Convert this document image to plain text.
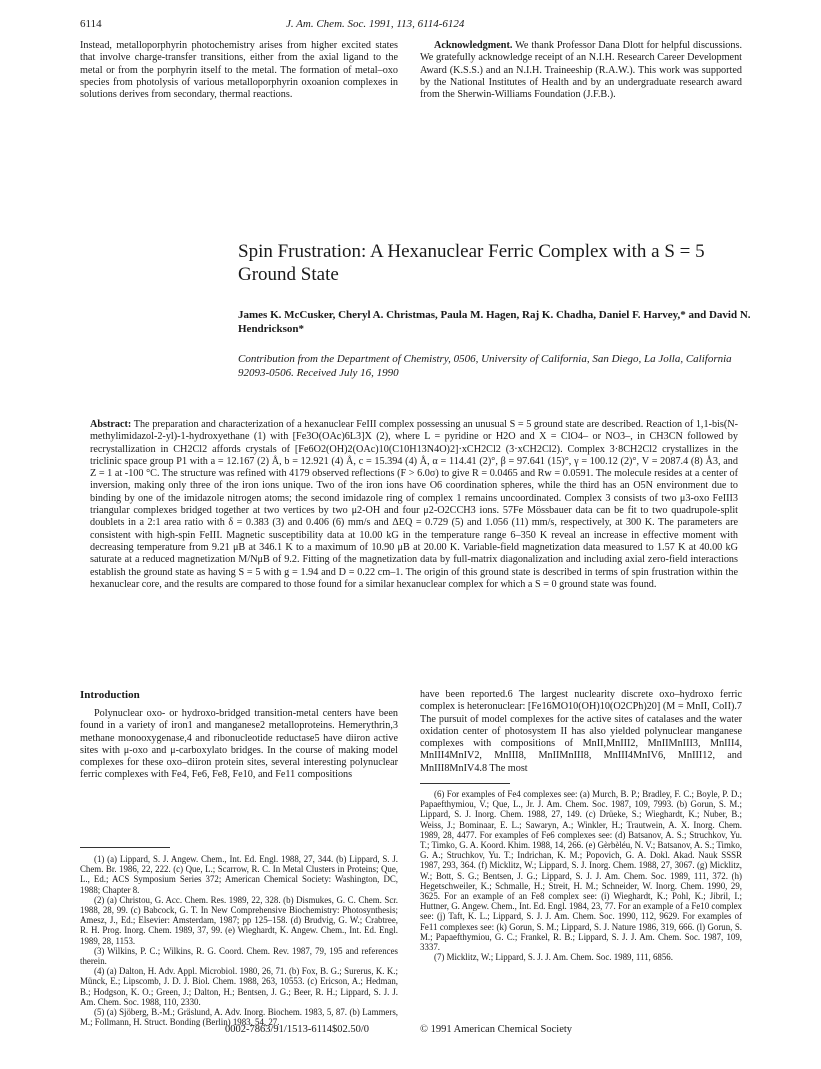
6114	J. Am. Chem. Soc. 1991, 113, 6114-6124

Instead, metalloporphyrin photochemistry arises from higher excited states that involve charge-transfer transitions, either from the axial ligand to the metal or from the porphyrin itself to the metal. The formation of metal–oxo species from photolysis of various metalloporphyrin oxoanion complexes in solutions derives from secondary, thermal reactions.

Acknowledgment. We thank Professor Dana Dlott for helpful discussions. We gratefully acknowledge receipt of an N.I.H. Research Career Development Award (K.S.S.) and an N.I.H. Traineeship (R.A.W.). This work was supported by the National Institutes of Health and by an undergraduate research award from the Sherwin-Williams Foundation (J.F.B.).

Spin Frustration: A Hexanuclear Ferric Complex with a S = 5 Ground State
James K. McCusker, Cheryl A. Christmas, Paula M. Hagen, Raj K. Chadha, Daniel F. Harvey,* and David N. Hendrickson*
Contribution from the Department of Chemistry, 0506, University of California, San Diego, La Jolla, California 92093-0506. Received July 16, 1990
Abstract: The preparation and characterization of a hexanuclear FeIII complex possessing an unusual S = 5 ground state are described. Reaction of 1,1-bis(N-methylimidazol-2-yl)-1-hydroxyethane (1) with [Fe3O(OAc)6L3]X (2), where L = pyridine or H2O and X = ClO4– or NO3–, in CH3CN followed by recrystallization in CH2Cl2 affords crystals of [Fe6O2(OH)2(OAc)10(C10H13N4O)2]·xCH2Cl2 (3·xCH2Cl2). Complex 3·8CH2Cl2 crystallizes in the triclinic space group P1 with a = 12.167 (2) Å, b = 12.921 (4) Å, c = 15.394 (4) Å, α = 114.41 (2)°, β = 97.641 (15)°, γ = 100.12 (2)°, V = 2087.4 (8) Å3, and Z = 1 at -100 °C. The structure was refined with 4179 observed reflections (F > 6.0σ) to give R = 0.0465 and Rw = 0.0591. The molecule resides at a center of inversion, making only three of the iron ions unique. Two of the iron ions have O6 coordination spheres, while the third has an O5N environment due to binding by one of the imidazole nitrogen atoms; the second imidazole ring of complex 1 remains uncoordinated. Complex 3 consists of two μ3-oxo FeIII3 triangular complexes bridged together at two vertices by two μ2-OH and four μ2-O2CCH3 ions. 57Fe Mössbauer data can be fit to two quadrupole-split doublets in a 2:1 area ratio with δ = 0.383 (3) and 0.406 (6) mm/s and ΔEQ = 0.729 (5) and 1.056 (11) mm/s, respectively, at 300 K. The parameters are consistent with high-spin FeIII. Magnetic susceptibility data at 10.00 kG in the temperature range 6–350 K reveal an increase in effective moment with decreasing temperature from 9.21 μB at 346.1 K to a maximum of 10.90 μB at 20.00 K. Variable-field magnetization data measured to 1.57 K at 40.00 kG saturate at a reduced magnetization M/NμB of 9.2. Fitting of the magnetization data by full-matrix diagonalization and including axial zero-field interactions establish the ground state as having S = 5 with g = 1.94 and D = 0.22 cm–1. The origin of this ground state is described in terms of spin frustration within the hexanuclear core, and the results are compared to those found for a similar hexanuclear complex for which a S = 0 ground state was found.
Introduction

Polynuclear oxo- or hydroxo-bridged transition-metal centers have been found in a variety of iron1 and manganese2 metalloproteins. Hemerythrin,3 methane monooxygenase,4 and ribonucleotide reductase5 have diiron active sites with μ-oxo and μ-carboxylato bridges. In the course of making model complexes for these oxo–diiron protein sites, several interesting polynuclear ferric complexes with Fe4, Fe6, Fe8, Fe10, and Fe11 compositions

have been reported.6 The largest nuclearity discrete oxo–hydroxo ferric complex is heteronuclear: [Fe16MO10(OH)10(O2CPh)20] (M = MnII, CoII).7 The pursuit of model complexes for the active sites of catalases and the water oxidation center of photosystem II has also yielded polynuclear manganese complexes with compositions of MnII,MnIII2, MnIIMnIII3, MnIII4, MnIII4MnIV2, MnIII8, MnIIMnIII8, MnIII4MnIV6, MnIII12, and MnIII8MnIV4.8 The most

(1) (a) Lippard, S. J. Angew. Chem., Int. Ed. Engl. 1988, 27, 344. (b) Lippard, S. J. Chem. Br. 1986, 22, 222. (c) Que, L.; Scarrow, R. C. In Metal Clusters in Proteins; Que, L., Ed.; ACS Symposium Series 372; American Chemical Society: Washington, DC, 1988; Chapter 8.

(2) (a) Christou, G. Acc. Chem. Res. 1989, 22, 328. (b) Dismukes, G. C. Chem. Scr. 1988, 28, 99. (c) Babcock, G. T. In New Comprehensive Biochemistry: Photosynthesis; Amesz, J., Ed.; Elsevier: Amsterdam, 1987; pp 125–158. (d) Brudvig, G. W.; Crabtree, R. H. Prog. Inorg. Chem. 1989, 37, 99. (e) Wieghardt, K. Angew. Chem., Int. Ed. Engl. 1989, 28, 1153.

(3) Wilkins, P. C.; Wilkins, R. G. Coord. Chem. Rev. 1987, 79, 195 and references therein.

(4) (a) Dalton, H. Adv. Appl. Microbiol. 1980, 26, 71. (b) Fox, B. G.; Surerus, K. K.; Münck, E.; Lipscomb, J. D. J. Biol. Chem. 1988, 263, 10553. (c) Ericson, A.; Hedman, B.; Hodgson, K. O.; Green, J.; Dalton, H.; Bentsen, J. G.; Beer, R. H.; Lippard, S. J. J. Am. Chem. Soc. 1988, 110, 2330.

(5) (a) Sjöberg, B.-M.; Gräslund, A. Adv. Inorg. Biochem. 1983, 5, 87. (b) Lammers, M.; Follmann, H. Struct. Bonding (Berlin) 1983, 54, 27.

(6) For examples of Fe4 complexes see: (a) Murch, B. P.; Bradley, F. C.; Boyle, P. D.; Papaefthymiou, V.; Que, L., Jr. J. Am. Chem. Soc. 1987, 109, 7993. (b) Gorun, S. M.; Lippard, S. J. Inorg. Chem. 1988, 27, 149. (c) Drüeke, S.; Wieghardt, K.; Nuber, B.; Weiss, J.; Bominaar, E. L.; Sawaryn, A.; Winkler, H.; Trautwein, A. X. Inorg. Chem. 1989, 28, 4477. For examples of Fe6 complexes see: (d) Batsanov, A. S.; Struchkov, Yu. T.; Timko, G. A. Koord. Khim. 1988, 14, 266. (e) Gèrbèléu, N. V.; Batsanov, A. S.; Timko, G. A.; Struchkov, Yu. T.; Indrichan, K. M.; Popovich, G. A. Dokl. Akad. Nauk SSSR 1987, 293, 364. (f) Micklitz, W.; Lippard, S. J. Inorg. Chem. 1988, 27, 3067. (g) Micklitz, W.; Bott, S. G.; Bentsen, J. G.; Lippard, S. J. J. Am. Chem. Soc. 1989, 111, 372. (h) Hegetschweiler, K.; Schmalle, H.; Streit, H. M.; Schneider, W. Inorg. Chem. 1990, 29, 3625. For an example of an Fe8 complex see: (i) Wieghardt, K.; Pohl, K.; Jibril, I.; Huttner, G. Angew. Chem., Int. Ed. Engl. 1984, 23, 77. For an example of a Fe10 complex see: (j) Taft, K. L.; Lippard, S. J. J. Am. Chem. Soc. 1990, 112, 9629. For examples of Fe11 complexes see: (k) Gorun, S. M.; Lippard, S. J. Nature 1986, 319, 666. (l) Gorun, S. M.; Papaefthymiou, G. C.; Frankel, R. B.; Lippard, S. J. J. Am. Chem. Soc. 1987, 109, 3337.

(7) Micklitz, W.; Lippard, S. J. J. Am. Chem. Soc. 1989, 111, 6856.

0002-7863/91/1513-6114$02.50/0	© 1991 American Chemical Society
